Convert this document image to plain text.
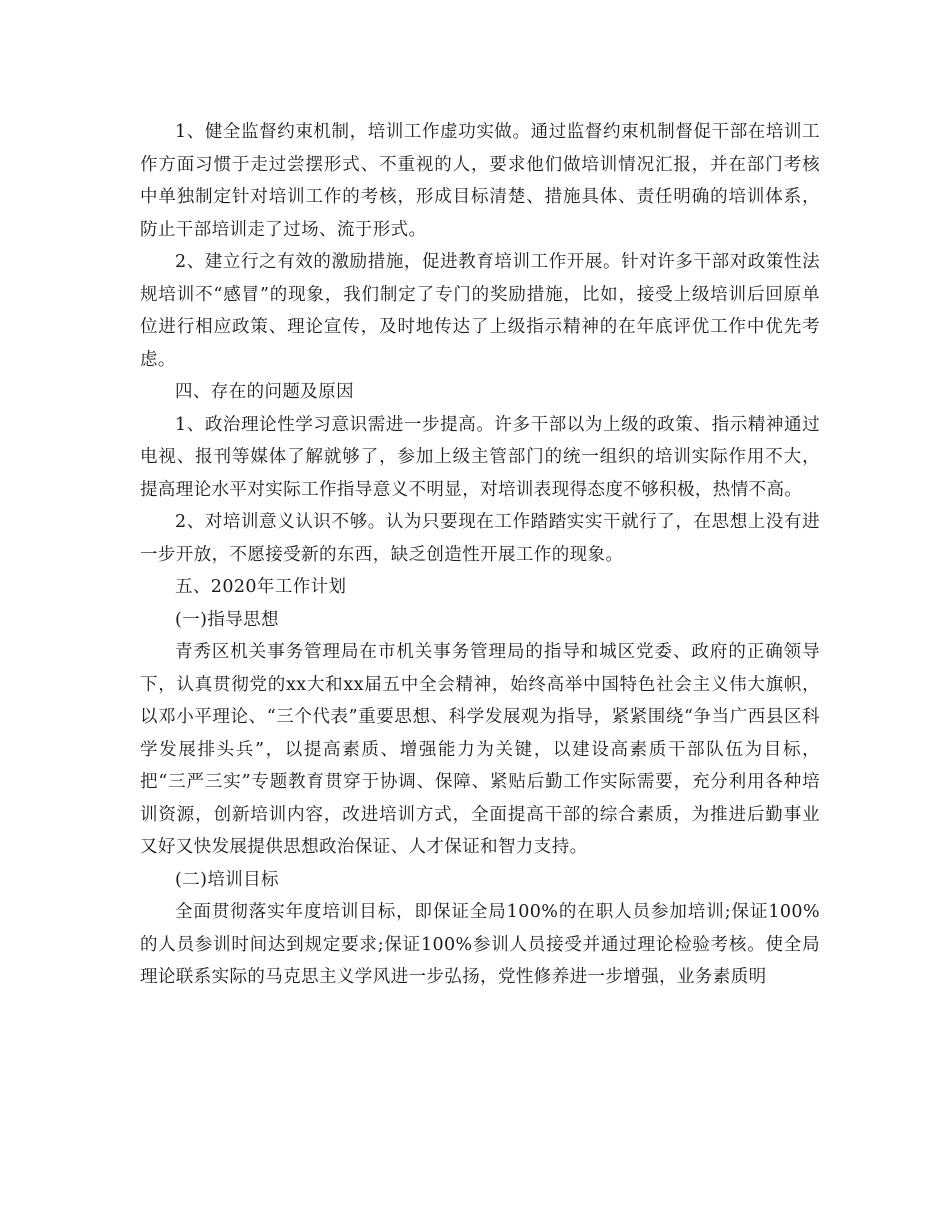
1、健全监督约束机制，培训工作虚功实做。通过监督约束机制督促干部在培训工作方面习惯于走过尝摆形式、不重视的人，要求他们做培训情况汇报，并在部门考核中单独制定针对培训工作的考核，形成目标清楚、措施具体、责任明确的培训体系，防止干部培训走了过场、流于形式。

2、建立行之有效的激励措施，促进教育培训工作开展。针对许多干部对政策性法规培训不“感冒”的现象，我们制定了专门的奖励措施，比如，接受上级培训后回原单位进行相应政策、理论宣传，及时地传达了上级指示精神的在年底评优工作中优先考虑。

四、存在的问题及原因

1、政治理论性学习意识需进一步提高。许多干部以为上级的政策、指示精神通过电视、报刊等媒体了解就够了，参加上级主管部门的统一组织的培训实际作用不大，提高理论水平对实际工作指导意义不明显，对培训表现得态度不够积极，热情不高。

2、对培训意义认识不够。认为只要现在工作踏踏实实干就行了，在思想上没有进一步开放，不愿接受新的东西，缺乏创造性开展工作的现象。

五、2020年工作计划

(一)指导思想

青秀区机关事务管理局在市机关事务管理局的指导和城区党委、政府的正确领导下，认真贯彻党的xx大和xx届五中全会精神，始终高举中国特色社会主义伟大旗帜，以邓小平理论、“三个代表”重要思想、科学发展观为指导，紧紧围绕“争当广西县区科学发展排头兵”，以提高素质、增强能力为关键，以建设高素质干部队伍为目标，把“三严三实”专题教育贯穿于协调、保障、紧贴后勤工作实际需要，充分利用各种培训资源，创新培训内容，改进培训方式，全面提高干部的综合素质，为推进后勤事业又好又快发展提供思想政治保证、人才保证和智力支持。

(二)培训目标

全面贯彻落实年度培训目标，即保证全局100%的在职人员参加培训;保证100%的人员参训时间达到规定要求;保证100%参训人员接受并通过理论检验考核。使全局理论联系实际的马克思主义学风进一步弘扬，党性修养进一步增强，业务素质明
